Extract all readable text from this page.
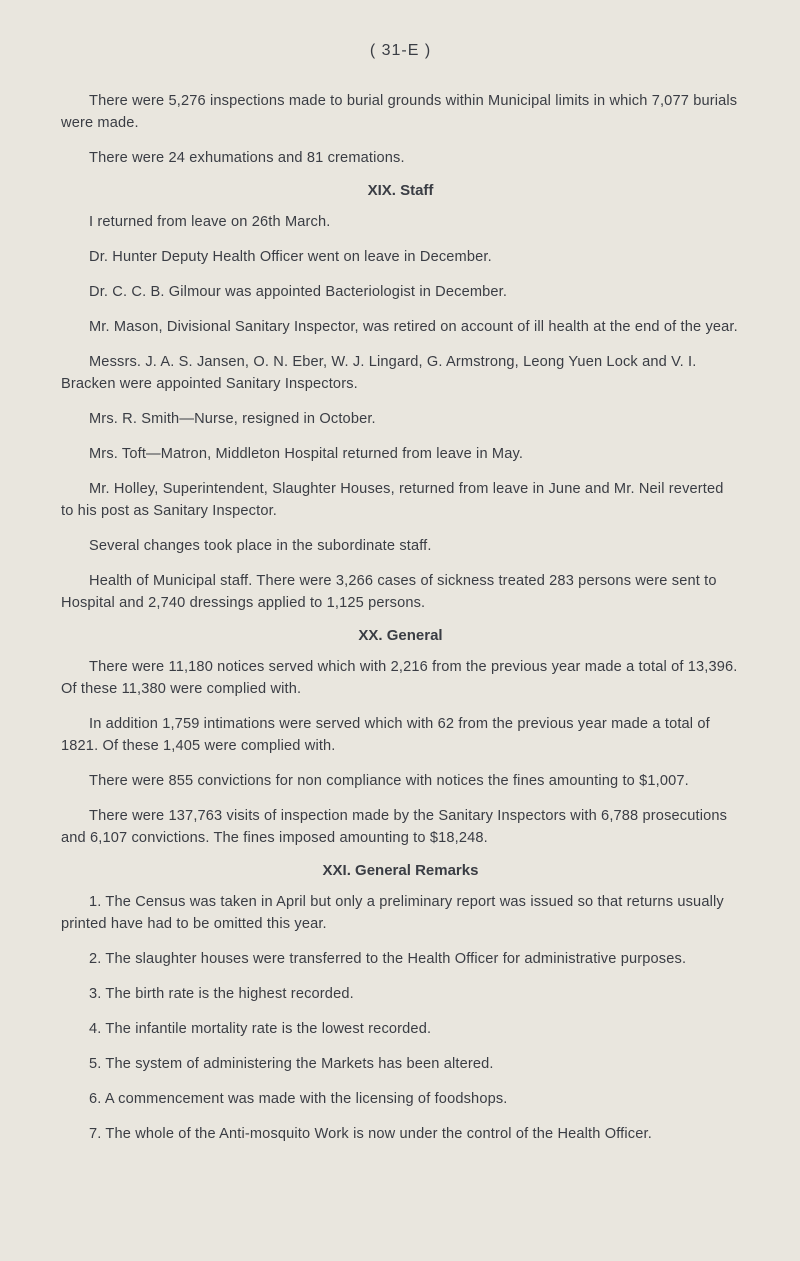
( 31-E )

There were 5,276 inspections made to burial grounds within Municipal limits in which 7,077 burials were made.

There were 24 exhumations and 81 cremations.

XIX. Staff

I returned from leave on 26th March.

Dr. Hunter Deputy Health Officer went on leave in December.

Dr. C. C. B. Gilmour was appointed Bacteriologist in December.

Mr. Mason, Divisional Sanitary Inspector, was retired on account of ill health at the end of the year.

Messrs. J. A. S. Jansen, O. N. Eber, W. J. Lingard, G. Armstrong, Leong Yuen Lock and V. I. Bracken were appointed Sanitary Inspectors.

Mrs. R. Smith—Nurse, resigned in October.

Mrs. Toft—Matron, Middleton Hospital returned from leave in May.

Mr. Holley, Superintendent, Slaughter Houses, returned from leave in June and Mr. Neil reverted to his post as Sanitary Inspector.

Several changes took place in the subordinate staff.

Health of Municipal staff. There were 3,266 cases of sickness treated 283 persons were sent to Hospital and 2,740 dressings applied to 1,125 persons.

XX. General

There were 11,180 notices served which with 2,216 from the previous year made a total of 13,396. Of these 11,380 were complied with.

In addition 1,759 intimations were served which with 62 from the previous year made a total of 1821. Of these 1,405 were complied with.

There were 855 convictions for non compliance with notices the fines amounting to $1,007.

There were 137,763 visits of inspection made by the Sanitary Inspectors with 6,788 prosecutions and 6,107 convictions. The fines imposed amounting to $18,248.

XXI. General Remarks

1. The Census was taken in April but only a preliminary report was issued so that returns usually printed have had to be omitted this year.

2. The slaughter houses were transferred to the Health Officer for administrative purposes.

3. The birth rate is the highest recorded.

4. The infantile mortality rate is the lowest recorded.

5. The system of administering the Markets has been altered.

6. A commencement was made with the licensing of foodshops.

7. The whole of the Anti-mosquito Work is now under the control of the Health Officer.
